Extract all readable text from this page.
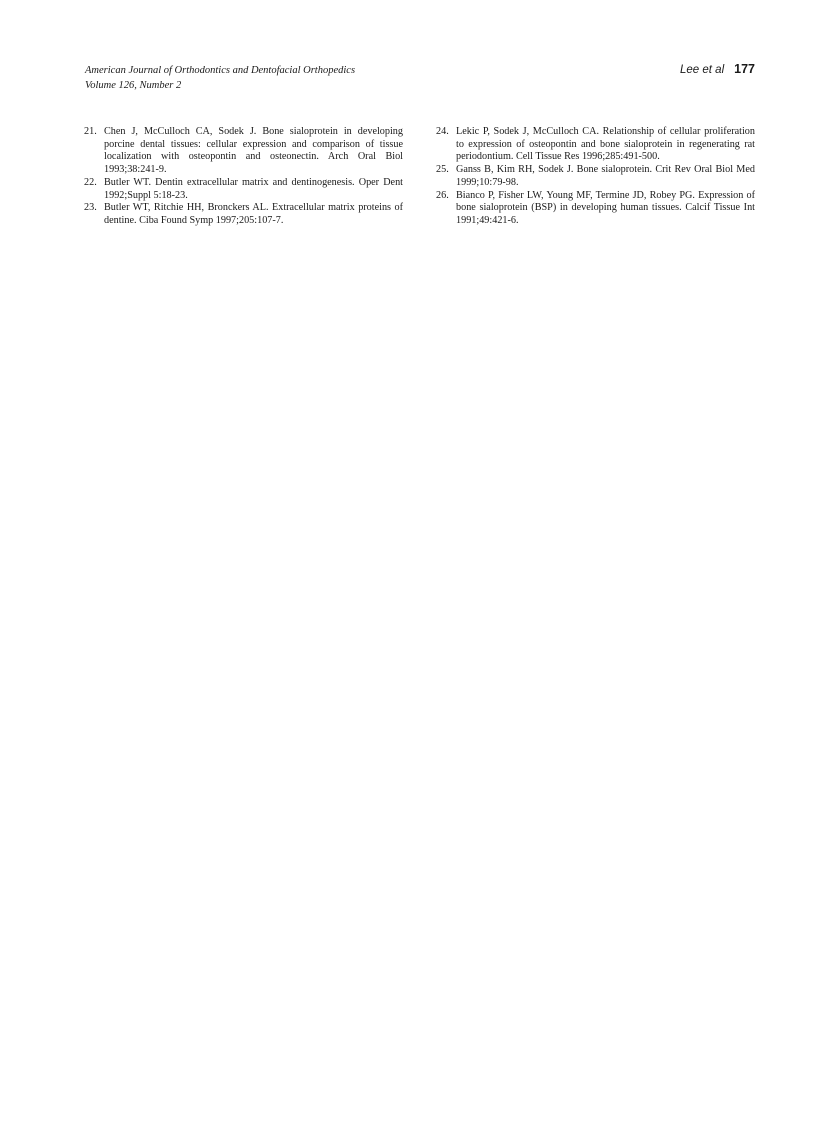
American Journal of Orthodontics and Dentofacial Orthopedics
Volume 126, Number 2
Lee et al 177
21. Chen J, McCulloch CA, Sodek J. Bone sialoprotein in developing porcine dental tissues: cellular expression and comparison of tissue localization with osteopontin and osteonectin. Arch Oral Biol 1993;38:241-9.
22. Butler WT. Dentin extracellular matrix and dentinogenesis. Oper Dent 1992;Suppl 5:18-23.
23. Butler WT, Ritchie HH, Bronckers AL. Extracellular matrix proteins of dentine. Ciba Found Symp 1997;205:107-7.
24. Lekic P, Sodek J, McCulloch CA. Relationship of cellular proliferation to expression of osteopontin and bone sialoprotein in regenerating rat periodontium. Cell Tissue Res 1996;285:491-500.
25. Ganss B, Kim RH, Sodek J. Bone sialoprotein. Crit Rev Oral Biol Med 1999;10:79-98.
26. Bianco P, Fisher LW, Young MF, Termine JD, Robey PG. Expression of bone sialoprotein (BSP) in developing human tissues. Calcif Tissue Int 1991;49:421-6.
